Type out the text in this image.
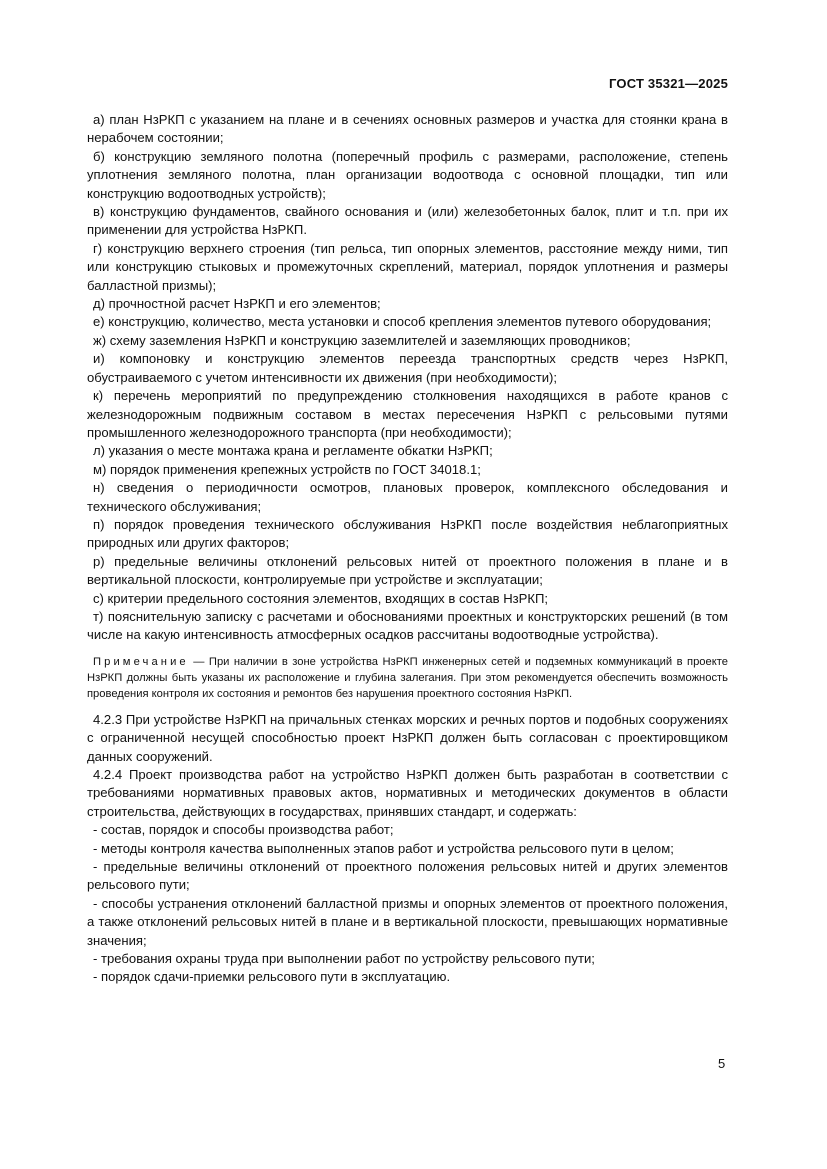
ГОСТ 35321—2025

а) план НзРКП с указанием на плане и в сечениях основных размеров и участка для стоянки крана в нерабочем состоянии;

б) конструкцию земляного полотна (поперечный профиль с размерами, расположение, степень уплотнения земляного полотна, план организации водоотвода с основной площадки, тип или конструкцию водоотводных устройств);

в) конструкцию фундаментов, свайного основания и (или) железобетонных балок, плит и т.п. при их применении для устройства НзРКП.

г) конструкцию верхнего строения (тип рельса, тип опорных элементов, расстояние между ними, тип или конструкцию стыковых и промежуточных скреплений, материал, порядок уплотнения и размеры балластной призмы);

д) прочностной расчет НзРКП и его элементов;

е) конструкцию, количество, места установки и способ крепления элементов путевого оборудования;

ж) схему заземления НзРКП и конструкцию заземлителей и заземляющих проводников;

и) компоновку и конструкцию элементов переезда транспортных средств через НзРКП, обустраиваемого с учетом интенсивности их движения (при необходимости);

к) перечень мероприятий по предупреждению столкновения находящихся в работе кранов с железнодорожным подвижным составом в местах пересечения НзРКП с рельсовыми путями промышленного железнодорожного транспорта (при необходимости);

л) указания о месте монтажа крана и регламенте обкатки НзРКП;

м) порядок применения крепежных устройств по ГОСТ 34018.1;

н) сведения о периодичности осмотров, плановых проверок, комплексного обследования и технического обслуживания;

п) порядок проведения технического обслуживания НзРКП после воздействия неблагоприятных природных или других факторов;

р) предельные величины отклонений рельсовых нитей от проектного положения в плане и в вертикальной плоскости, контролируемые при устройстве и эксплуатации;

с) критерии предельного состояния элементов, входящих в состав НзРКП;

т) пояснительную записку с расчетами и обоснованиями проектных и конструкторских решений (в том числе на какую интенсивность атмосферных осадков рассчитаны водоотводные устройства).

Примечание — При наличии в зоне устройства НзРКП инженерных сетей и подземных коммуникаций в проекте НзРКП должны быть указаны их расположение и глубина залегания. При этом рекомендуется обеспечить возможность проведения контроля их состояния и ремонтов без нарушения проектного состояния НзРКП.

4.2.3 При устройстве НзРКП на причальных стенках морских и речных портов и подобных сооружениях с ограниченной несущей способностью проект НзРКП должен быть согласован с проектировщиком данных сооружений.

4.2.4 Проект производства работ на устройство НзРКП должен быть разработан в соответствии с требованиями нормативных правовых актов, нормативных и методических документов в области строительства, действующих в государствах, принявших стандарт, и содержать:

- состав, порядок и способы производства работ;

- методы контроля качества выполненных этапов работ и устройства рельсового пути в целом;

- предельные величины отклонений от проектного положения рельсовых нитей и других элементов рельсового пути;

- способы устранения отклонений балластной призмы и опорных элементов от проектного положения, а также отклонений рельсовых нитей в плане и в вертикальной плоскости, превышающих нормативные значения;

- требования охраны труда при выполнении работ по устройству рельсового пути;

- порядок сдачи-приемки рельсового пути в эксплуатацию.

5
